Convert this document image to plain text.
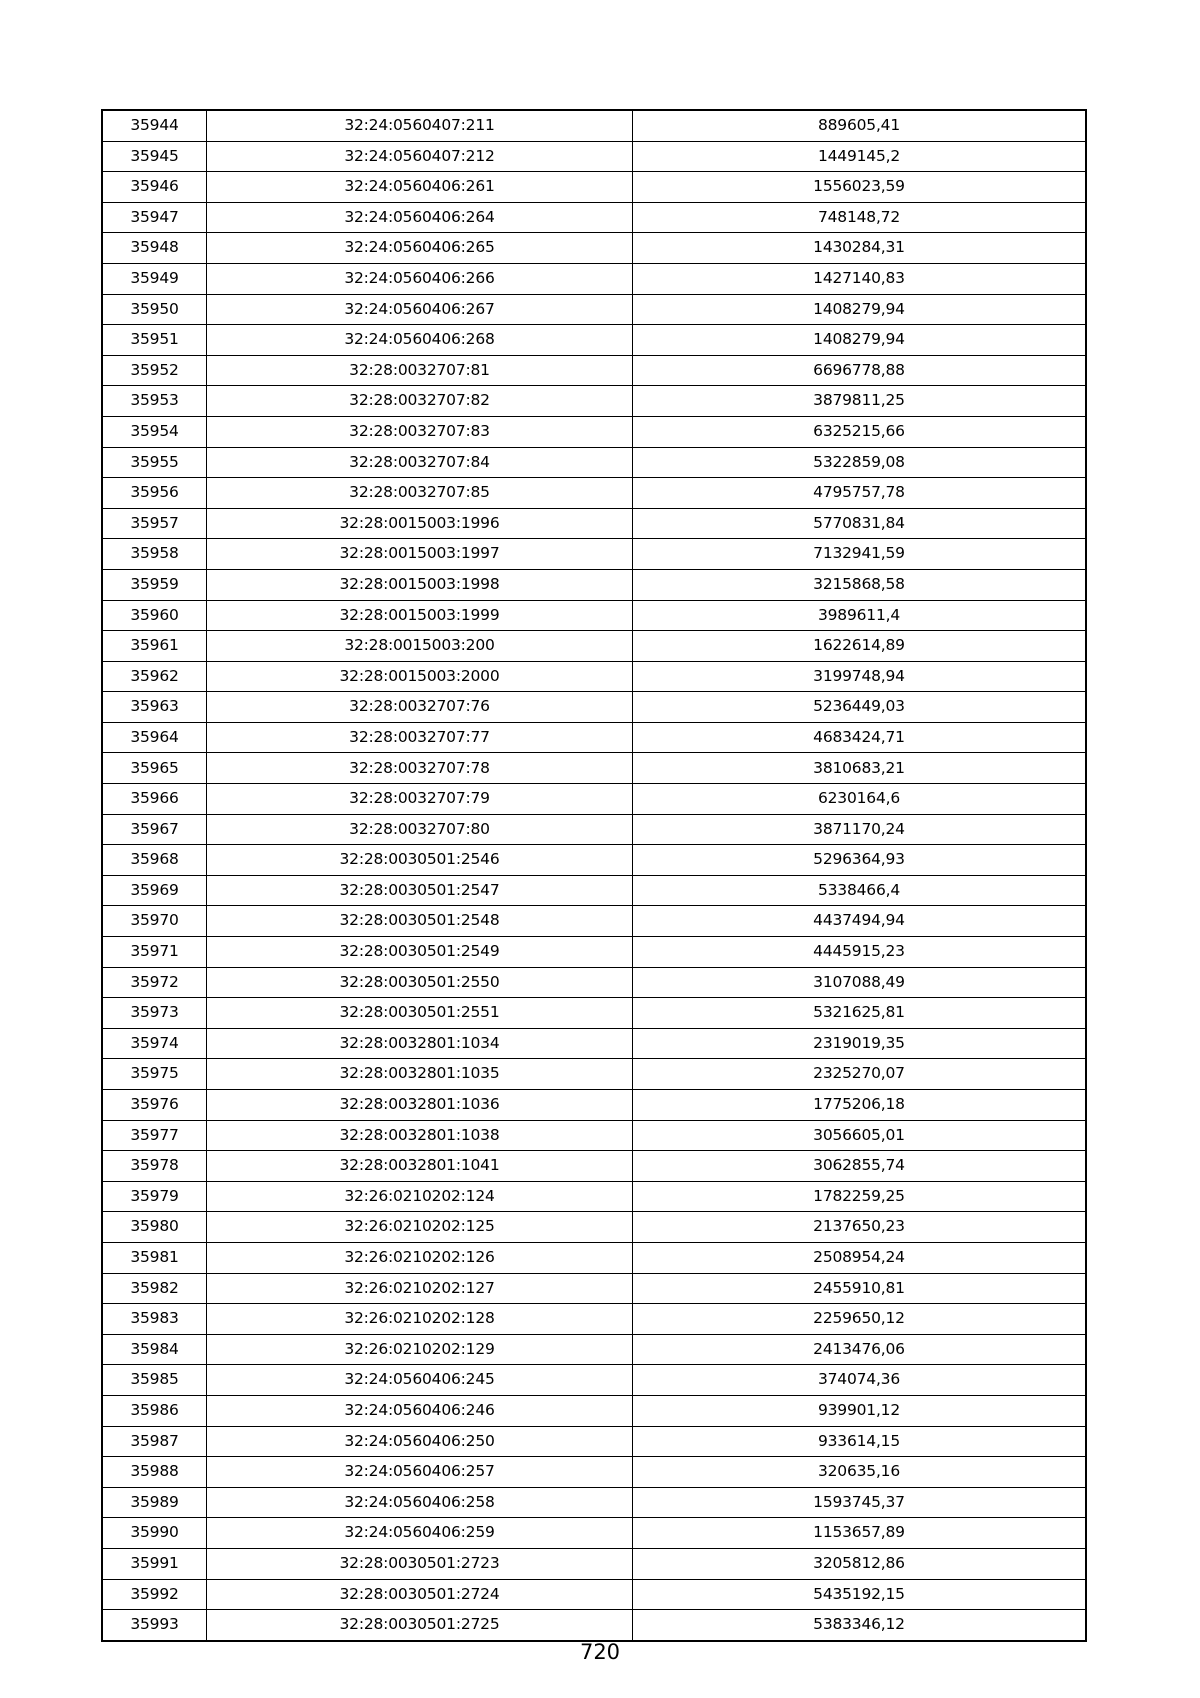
35944	32:24:0560407:211	889605,41
35945	32:24:0560407:212	1449145,2
35946	32:24:0560406:261	1556023,59
35947	32:24:0560406:264	748148,72
35948	32:24:0560406:265	1430284,31
35949	32:24:0560406:266	1427140,83
35950	32:24:0560406:267	1408279,94
35951	32:24:0560406:268	1408279,94
35952	32:28:0032707:81	6696778,88
35953	32:28:0032707:82	3879811,25
35954	32:28:0032707:83	6325215,66
35955	32:28:0032707:84	5322859,08
35956	32:28:0032707:85	4795757,78
35957	32:28:0015003:1996	5770831,84
35958	32:28:0015003:1997	7132941,59
35959	32:28:0015003:1998	3215868,58
35960	32:28:0015003:1999	3989611,4
35961	32:28:0015003:200	1622614,89
35962	32:28:0015003:2000	3199748,94
35963	32:28:0032707:76	5236449,03
35964	32:28:0032707:77	4683424,71
35965	32:28:0032707:78	3810683,21
35966	32:28:0032707:79	6230164,6
35967	32:28:0032707:80	3871170,24
35968	32:28:0030501:2546	5296364,93
35969	32:28:0030501:2547	5338466,4
35970	32:28:0030501:2548	4437494,94
35971	32:28:0030501:2549	4445915,23
35972	32:28:0030501:2550	3107088,49
35973	32:28:0030501:2551	5321625,81
35974	32:28:0032801:1034	2319019,35
35975	32:28:0032801:1035	2325270,07
35976	32:28:0032801:1036	1775206,18
35977	32:28:0032801:1038	3056605,01
35978	32:28:0032801:1041	3062855,74
35979	32:26:0210202:124	1782259,25
35980	32:26:0210202:125	2137650,23
35981	32:26:0210202:126	2508954,24
35982	32:26:0210202:127	2455910,81
35983	32:26:0210202:128	2259650,12
35984	32:26:0210202:129	2413476,06
35985	32:24:0560406:245	374074,36
35986	32:24:0560406:246	939901,12
35987	32:24:0560406:250	933614,15
35988	32:24:0560406:257	320635,16
35989	32:24:0560406:258	1593745,37
35990	32:24:0560406:259	1153657,89
35991	32:28:0030501:2723	3205812,86
35992	32:28:0030501:2724	5435192,15
35993	32:28:0030501:2725	5383346,12
720
